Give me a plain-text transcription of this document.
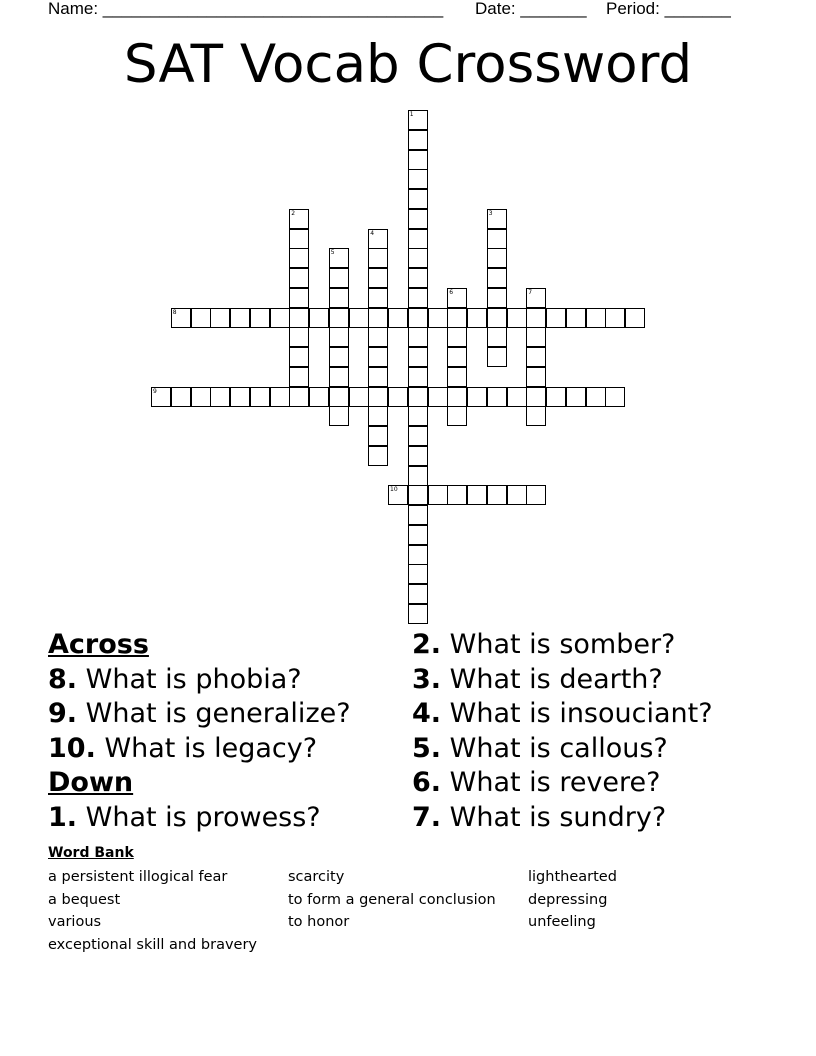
Name: ____________________________________ Date: _______ Period: _______
SAT Vocab Crossword
1
2	3
4
5
6	7
8
9
10
Across
8. What is phobia?
9. What is generalize?
10. What is legacy?
Down
1. What is prowess?
2. What is somber?
3. What is dearth?
4. What is insouciant?
5. What is callous?
6. What is revere?
7. What is sundry?
Word Bank
a persistent illogical fear
a bequest
various
exceptional skill and bravery
scarcity
to form a general conclusion
to honor
lighthearted
depressing
unfeeling
